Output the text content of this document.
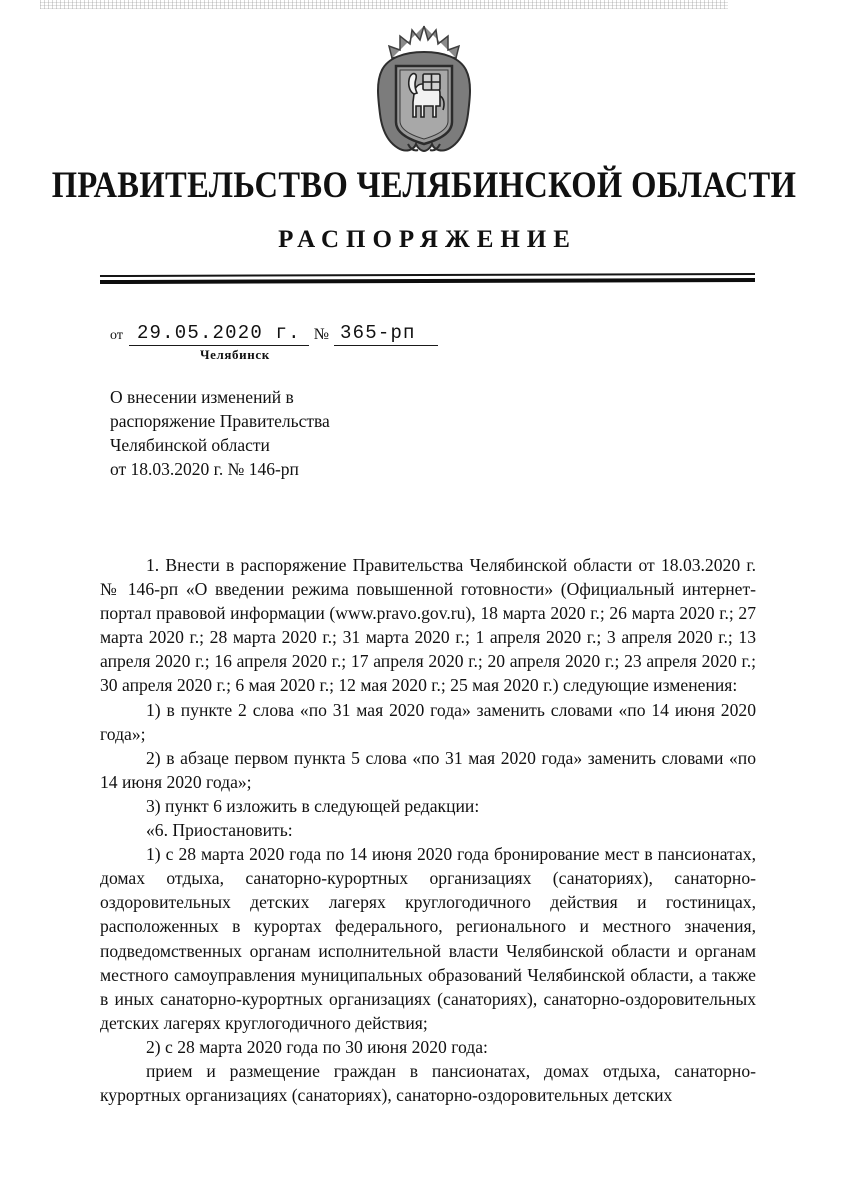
ПРАВИТЕЛЬСТВО ЧЕЛЯБИНСКОЙ ОБЛАСТИ
РАСПОРЯЖЕНИЕ
от 29.05.2020 г. № 365-рп
Челябинск
О внесении изменений в
распоряжение Правительства
Челябинской области
от 18.03.2020 г. № 146-рп

1. Внести в распоряжение Правительства Челябинской области от 18.03.2020 г. № 146-рп «О введении режима повышенной готовности» (Официальный интернет-портал правовой информации (www.pravo.gov.ru), 18 марта 2020 г.; 26 марта 2020 г.; 27 марта 2020 г.; 28 марта 2020 г.; 31 марта 2020 г.; 1 апреля 2020 г.; 3 апреля 2020 г.; 13 апреля 2020 г.; 16 апреля 2020 г.; 17 апреля 2020 г.; 20 апреля 2020 г.; 23 апреля 2020 г.; 30 апреля 2020 г.; 6 мая 2020 г.; 12 мая 2020 г.; 25 мая 2020 г.) следующие изменения:

1) в пункте 2 слова «по 31 мая 2020 года» заменить словами «по 14 июня 2020 года»;

2) в абзаце первом пункта 5 слова «по 31 мая 2020 года» заменить словами «по 14 июня 2020 года»;

3) пункт 6 изложить в следующей редакции:

«6. Приостановить:

1) с 28 марта 2020 года по 14 июня 2020 года бронирование мест в пансионатах, домах отдыха, санаторно-курортных организациях (санаториях), санаторно-оздоровительных детских лагерях круглогодичного действия и гостиницах, расположенных в курортах федерального, регионального и местного значения, подведомственных органам исполнительной власти Челябинской области и органам местного самоуправления муниципальных образований Челябинской области, а также в иных санаторно-курортных организациях (санаториях), санаторно-оздоровительных детских лагерях круглогодичного действия;

2) с 28 марта 2020 года по 30 июня 2020 года:

прием и размещение граждан в пансионатах, домах отдыха, санаторно-курортных организациях (санаториях), санаторно-оздоровительных детских
